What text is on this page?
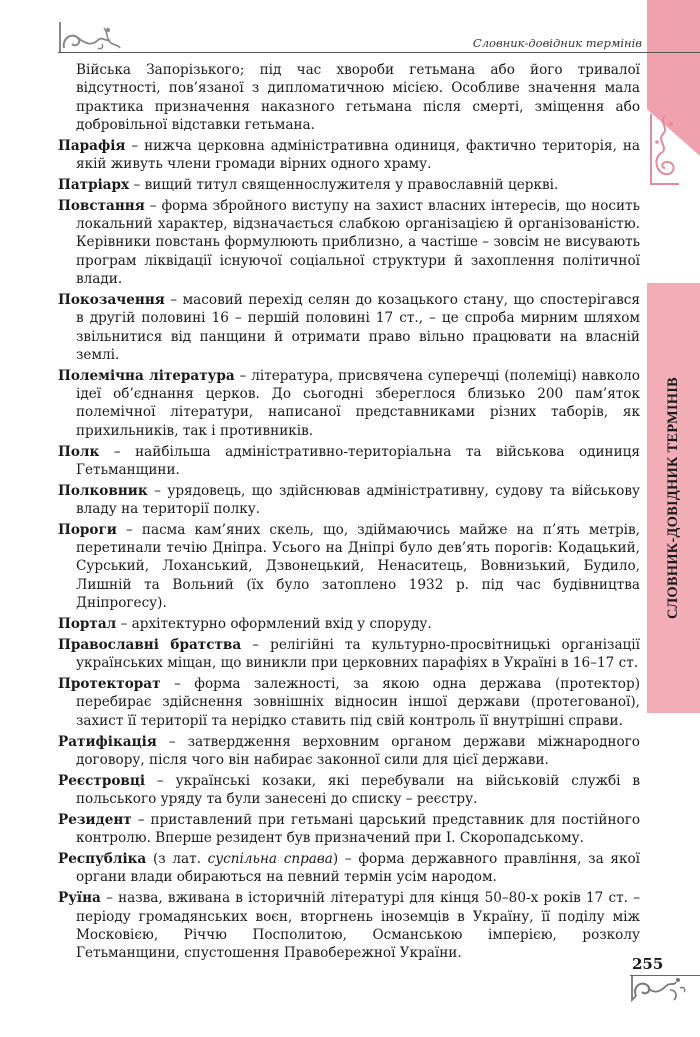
Словник-довідник термінів
СЛОВНИК-ДОВІДНИК ТЕРМІНІВ

Війська Запорізького; під час хвороби гетьмана або його тривалої відсутності, пов’язаної з дипломатичною місією. Особливе значення мала практика призначення наказного гетьмана після смерті, зміщення або добровільної відставки гетьмана.

Парафія – нижча церковна адміністративна одиниця, фактично територія, на якій живуть члени громади вірних одного храму.

Патріарх – вищий титул священнослужителя у православній церкві.

Повстання – форма збройного виступу на захист власних інтересів, що носить локальний характер, відзначається слабкою організацією й організованістю. Керівники повстань формулюють приблизно, а частіше – зовсім не висувають програм ліквідації існуючої соціальної структури й захоплення політичної влади.

Покозачення – масовий перехід селян до козацького стану, що спостерігався в другій половині 16 – першій половині 17 ст., – це спроба мирним шляхом звільнитися від панщини й отримати право вільно працювати на власній землі.

Полемічна література – література, присвячена суперечці (полеміці) навколо ідеї об’єднання церков. До сьогодні збереглося близько 200 пам’яток полемічної літератури, написаної представниками різних таборів, як прихильників, так і противників.

Полк – найбільша адміністративно-територіальна та військова одиниця Гетьманщини.

Полковник – урядовець, що здійснював адміністративну, судову та військову владу на території полку.

Пороги – пасма кам’яних скель, що, здіймаючись майже на п’ять метрів, перетинали течію Дніпра. Усього на Дніпрі було дев’ять порогів: Кодацький, Сурський, Лоханський, Дзвонецький, Ненаситець, Вовнизький, Будило, Лишній та Вольний (їх було затоплено 1932 р. під час будівництва Дніпрогесу).

Портал – архітектурно оформлений вхід у споруду.

Православні братства – релігійні та культурно-просвітницькі організації українських міщан, що виникли при церковних парафіях в Україні в 16–17 ст.

Протекторат – форма залежності, за якою одна держава (протектор) перебирає здійснення зовнішніх відносин іншої держави (протегованої), захист її території та нерідко ставить під свій контроль її внутрішні справи.

Ратифікація – затвердження верховним органом держави міжнародного договору, після чого він набирає законної сили для цієї держави.

Реєстровці – українські козаки, які перебували на військовій службі в польського уряду та були занесені до списку – реєстру.

Резидент – приставлений при гетьмані царський представник для постійного контролю. Вперше резидент був призначений при І. Скоропадському.

Республіка (з лат. суспільна справа) – форма державного правління, за якої органи влади обираються на певний термін усім народом.

Руїна – назва, вживана в історичній літературі для кінця 50–80-х років 17 ст. – періоду громадянських воєн, вторгнень іноземців в Україну, її поділу між Московією, Річчю Посполитою, Османською імперією, розколу Гетьманщини, спустошення Правобережної України.

255
